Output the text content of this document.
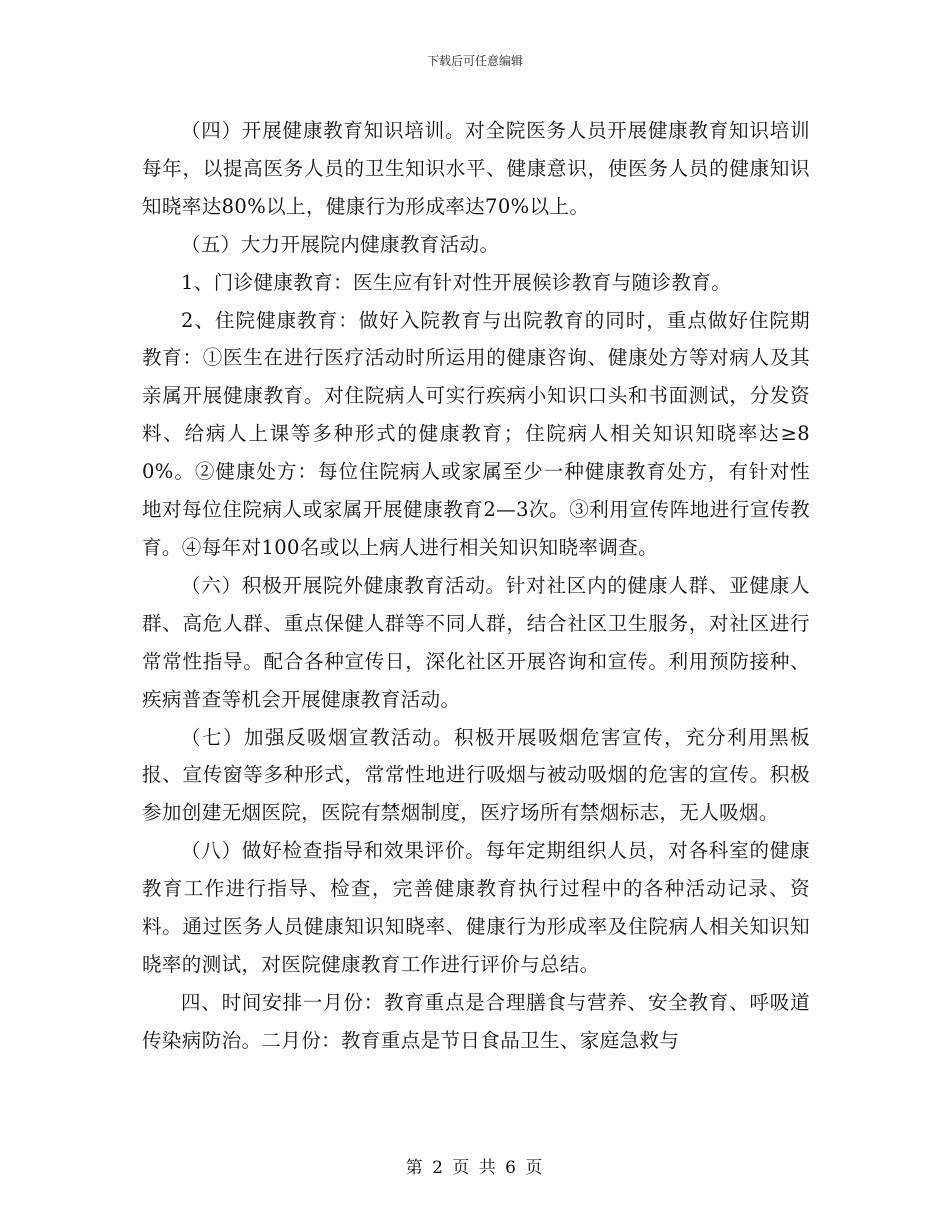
下载后可任意编辑

（四）开展健康教育知识培训。对全院医务人员开展健康教育知识培训每年，以提高医务人员的卫生知识水平、健康意识，使医务人员的健康知识知晓率达80%以上，健康行为形成率达70%以上。

（五）大力开展院内健康教育活动。

1、门诊健康教育：医生应有针对性开展候诊教育与随诊教育。

2、住院健康教育：做好入院教育与出院教育的同时，重点做好住院期教育：①医生在进行医疗活动时所运用的健康咨询、健康处方等对病人及其亲属开展健康教育。对住院病人可实行疾病小知识口头和书面测试，分发资料、给病人上课等多种形式的健康教育；住院病人相关知识知晓率达≥80%。②健康处方：每位住院病人或家属至少一种健康教育处方，有针对性地对每位住院病人或家属开展健康教育2—3次。③利用宣传阵地进行宣传教育。④每年对100名或以上病人进行相关知识知晓率调查。

（六）积极开展院外健康教育活动。针对社区内的健康人群、亚健康人群、高危人群、重点保健人群等不同人群，结合社区卫生服务，对社区进行常常性指导。配合各种宣传日，深化社区开展咨询和宣传。利用预防接种、疾病普查等机会开展健康教育活动。

（七）加强反吸烟宣教活动。积极开展吸烟危害宣传，充分利用黑板报、宣传窗等多种形式，常常性地进行吸烟与被动吸烟的危害的宣传。积极参加创建无烟医院，医院有禁烟制度，医疗场所有禁烟标志，无人吸烟。

（八）做好检查指导和效果评价。每年定期组织人员，对各科室的健康教育工作进行指导、检查，完善健康教育执行过程中的各种活动记录、资料。通过医务人员健康知识知晓率、健康行为形成率及住院病人相关知识知晓率的测试，对医院健康教育工作进行评价与总结。

四、时间安排一月份：教育重点是合理膳食与营养、安全教育、呼吸道传染病防治。二月份：教育重点是节日食品卫生、家庭急救与

第 2 页 共 6 页
